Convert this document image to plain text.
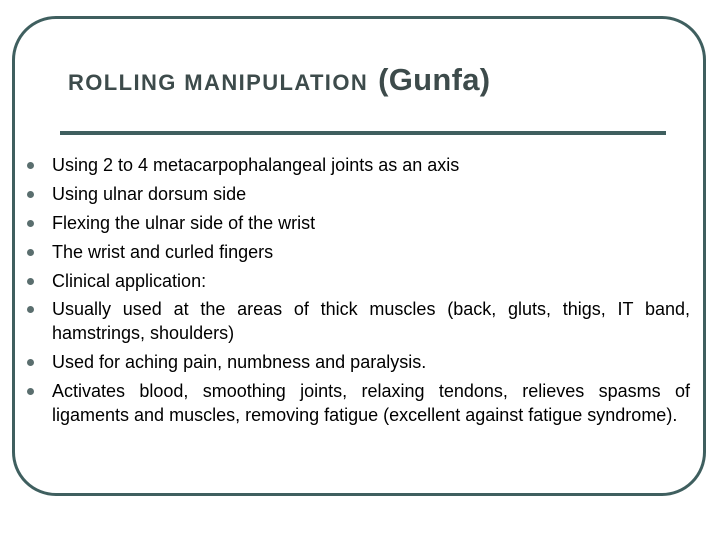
ROLLING MANIPULATION (Gunfa)
Using 2 to 4 metacarpophalangeal joints as an axis
Using ulnar dorsum side
Flexing the ulnar side of the wrist
The wrist and curled fingers
Clinical application:
Usually used at the areas of thick muscles (back, gluts, thigs, IT band, hamstrings, shoulders)
Used for aching pain, numbness and paralysis.
Activates blood, smoothing joints, relaxing tendons, relieves spasms of ligaments and muscles, removing fatigue (excellent against fatigue syndrome).
